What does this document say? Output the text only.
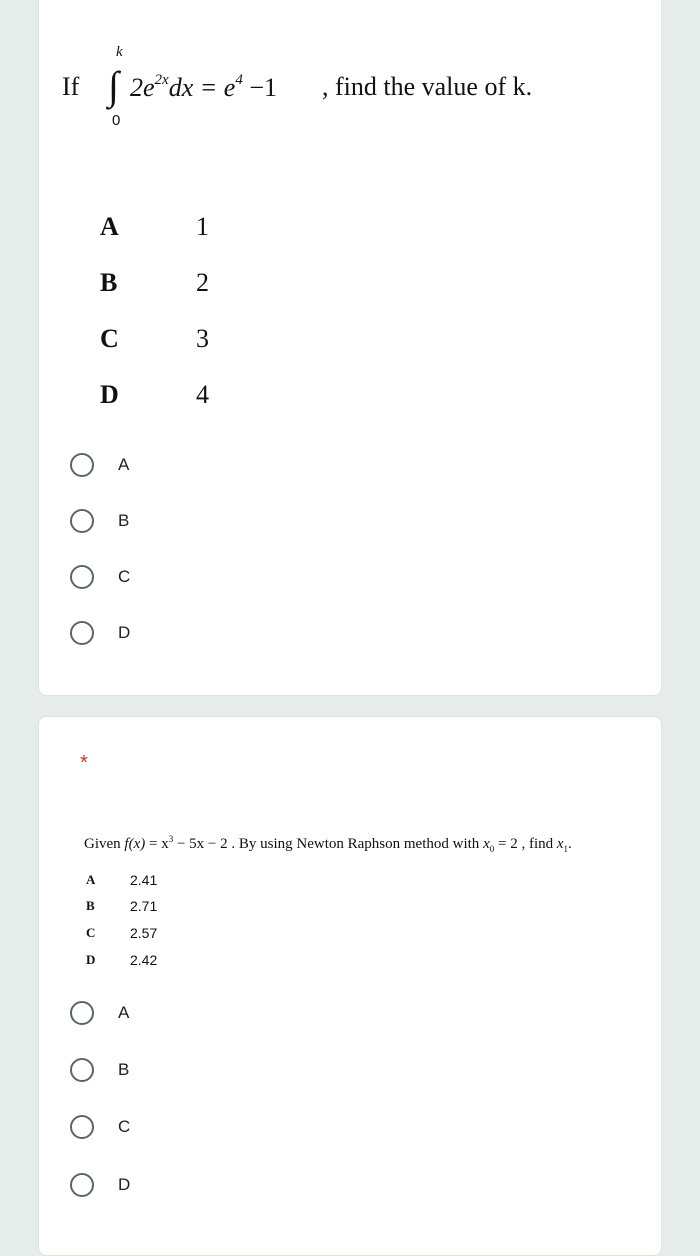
If
k
∫
0
$2e^{2x}dx = e^4 -1$ , find the value of k.
A	1
B	2
C	3
D	4
A
B
C
D
*
Given $f(x) = x^3 - 5x - 2$ . By using Newton Raphson method with $x_0 = 2$ , find $x_1$.
A 2.41
B	2.71
C 2.57
D 2.42
A
B
C
D
